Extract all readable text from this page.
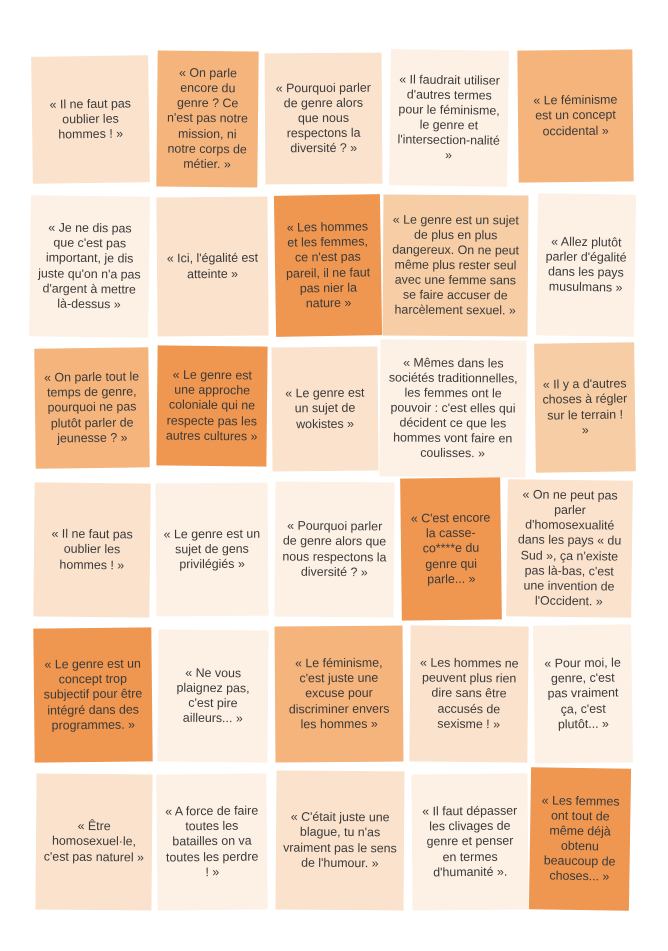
« Il ne faut pas oublier les hommes ! »
« On parle encore du genre ? Ce n'est pas notre mission, ni notre corps de métier. »
« Pourquoi parler de genre alors que nous respectons la diversité ? »
« Il faudrait utiliser d'autres termes pour le féminisme, le genre et l'intersection-nalité »
« Le féminisme est un concept occidental »
« Je ne dis pas que c'est pas important, je dis juste qu'on n'a pas d'argent à mettre là-dessus »
« Ici, l'égalité est atteinte »
« Les hommes et les femmes, ce n'est pas pareil, il ne faut pas nier la nature »
« Le genre est un sujet de plus en plus dangereux. On ne peut même plus rester seul avec une femme sans se faire accuser de harcèlement sexuel. »
« Allez plutôt parler d'égalité dans les pays musulmans »
« On parle tout le temps de genre, pourquoi ne pas plutôt parler de jeunesse ? »
« Le genre est une approche coloniale qui ne respecte pas les autres cultures »
« Le genre est un sujet de wokistes »
« Mêmes dans les sociétés traditionnelles, les femmes ont le pouvoir : c'est elles qui décident ce que les hommes vont faire en coulisses. »
« Il y a d'autres choses à régler sur le terrain ! »
« Il ne faut pas oublier les hommes ! »
« Le genre est un sujet de gens privilégiés »
« Pourquoi parler de genre alors que nous respectons la diversité ? »
« C'est encore la casse-co****e du genre qui parle... »
« On ne peut pas parler d'homosexualité dans les pays « du Sud », ça n'existe pas là-bas, c'est une invention de l'Occident. »
« Le genre est un concept trop subjectif pour être intégré dans des programmes. »
« Ne vous plaignez pas, c'est pire ailleurs... »
« Le féminisme, c'est juste une excuse pour discriminer envers les hommes »
« Les hommes ne peuvent plus rien dire sans être accusés de sexisme ! »
« Pour moi, le genre, c'est pas vraiment ça, c'est plutôt... »
« Être homosexuel·le, c'est pas naturel »
« A force de faire toutes les batailles on va toutes les perdre ! »
« C'était juste une blague, tu n'as vraiment pas le sens de l'humour. »
« Il faut dépasser les clivages de genre et penser en termes d'humanité ».
« Les femmes ont tout de même déjà obtenu beaucoup de choses... »
